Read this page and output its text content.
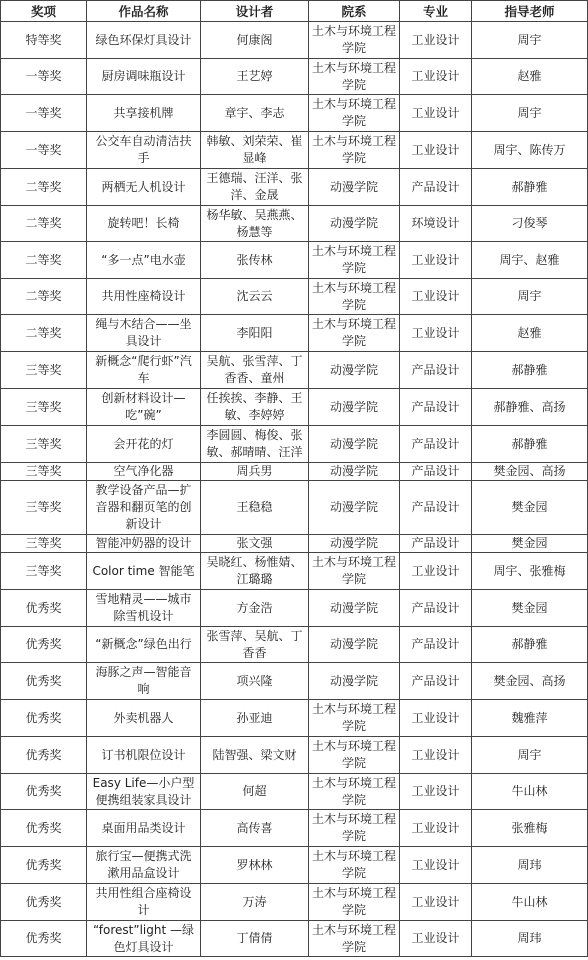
奖项	作品名称	设计者	院系	专业	指导老师
特等奖	绿色环保灯具设计	何康阁	土木与环境工程学院	工业设计	周宇
一等奖	厨房调味瓶设计	王艺婷	土木与环境工程学院	工业设计	赵雅
一等奖	共享接机牌	章宇、李志	土木与环境工程学院	工业设计	周宇
一等奖	公交车自动清洁扶手	韩敏、刘荣荣、崔显峰	土木与环境工程学院	工业设计	周宇、陈传万
二等奖	两栖无人机设计	王德瑞、汪洋、张洋、金晟	动漫学院	产品设计	郝静雅
二等奖	旋转吧！长椅	杨华敏、吴燕燕、杨慧等	动漫学院	环境设计	刁俊琴
二等奖	“多一点”电水壶	张传林	土木与环境工程学院	工业设计	周宇、赵雅
二等奖	共用性座椅设计	沈云云	土木与环境工程学院	工业设计	周宇
二等奖	绳与木结合——坐具设计	李阳阳	土木与环境工程学院	工业设计	赵雅
三等奖	新概念“爬行虾”汽车	吴航、张雪萍、丁香香、童州	动漫学院	产品设计	郝静雅
三等奖	创新材料设计—吃”碗”	任挨挨、李静、王敏、李婷婷	动漫学院	产品设计	郝静雅、高扬
三等奖	会开花的灯	李圆圆、梅俊、张敏、郝晴晴、汪洋	动漫学院	产品设计	郝静雅
三等奖	空气净化器	周兵男	动漫学院	产品设计	樊金园、高扬
三等奖	教学设备产品—扩音器和翻页笔的创新设计	王稳稳	动漫学院	产品设计	樊金园
三等奖	智能冲奶器的设计	张文强	动漫学院	产品设计	樊金园
三等奖	Color time 智能笔	吴晓红、杨惟婧、江璐璐	土木与环境工程学院	工业设计	周宇、张雅梅
优秀奖	雪地精灵——城市除雪机设计	方金浩	动漫学院	产品设计	樊金园
优秀奖	“新概念”绿色出行	张雪萍、吴航、丁香香	动漫学院	产品设计	郝静雅
优秀奖	海豚之声—智能音响	项兴隆	动漫学院	产品设计	樊金园、高扬
优秀奖	外卖机器人	孙亚迪	土木与环境工程学院	工业设计	魏雅萍
优秀奖	订书机限位设计	陆智强、梁文财	土木与环境工程学院	工业设计	周宇
优秀奖	Easy Life—小户型便携组装家具设计	何超	土木与环境工程学院	工业设计	牛山林
优秀奖	桌面用品类设计	高传喜	土木与环境工程学院	工业设计	张雅梅
优秀奖	旅行宝—便携式洗漱用品盒设计	罗林林	土木与环境工程学院	工业设计	周玮
优秀奖	共用性组合座椅设计	万涛	土木与环境工程学院	工业设计	牛山林
优秀奖	“forest”light —绿色灯具设计	丁倩倩	土木与环境工程学院	工业设计	周玮
